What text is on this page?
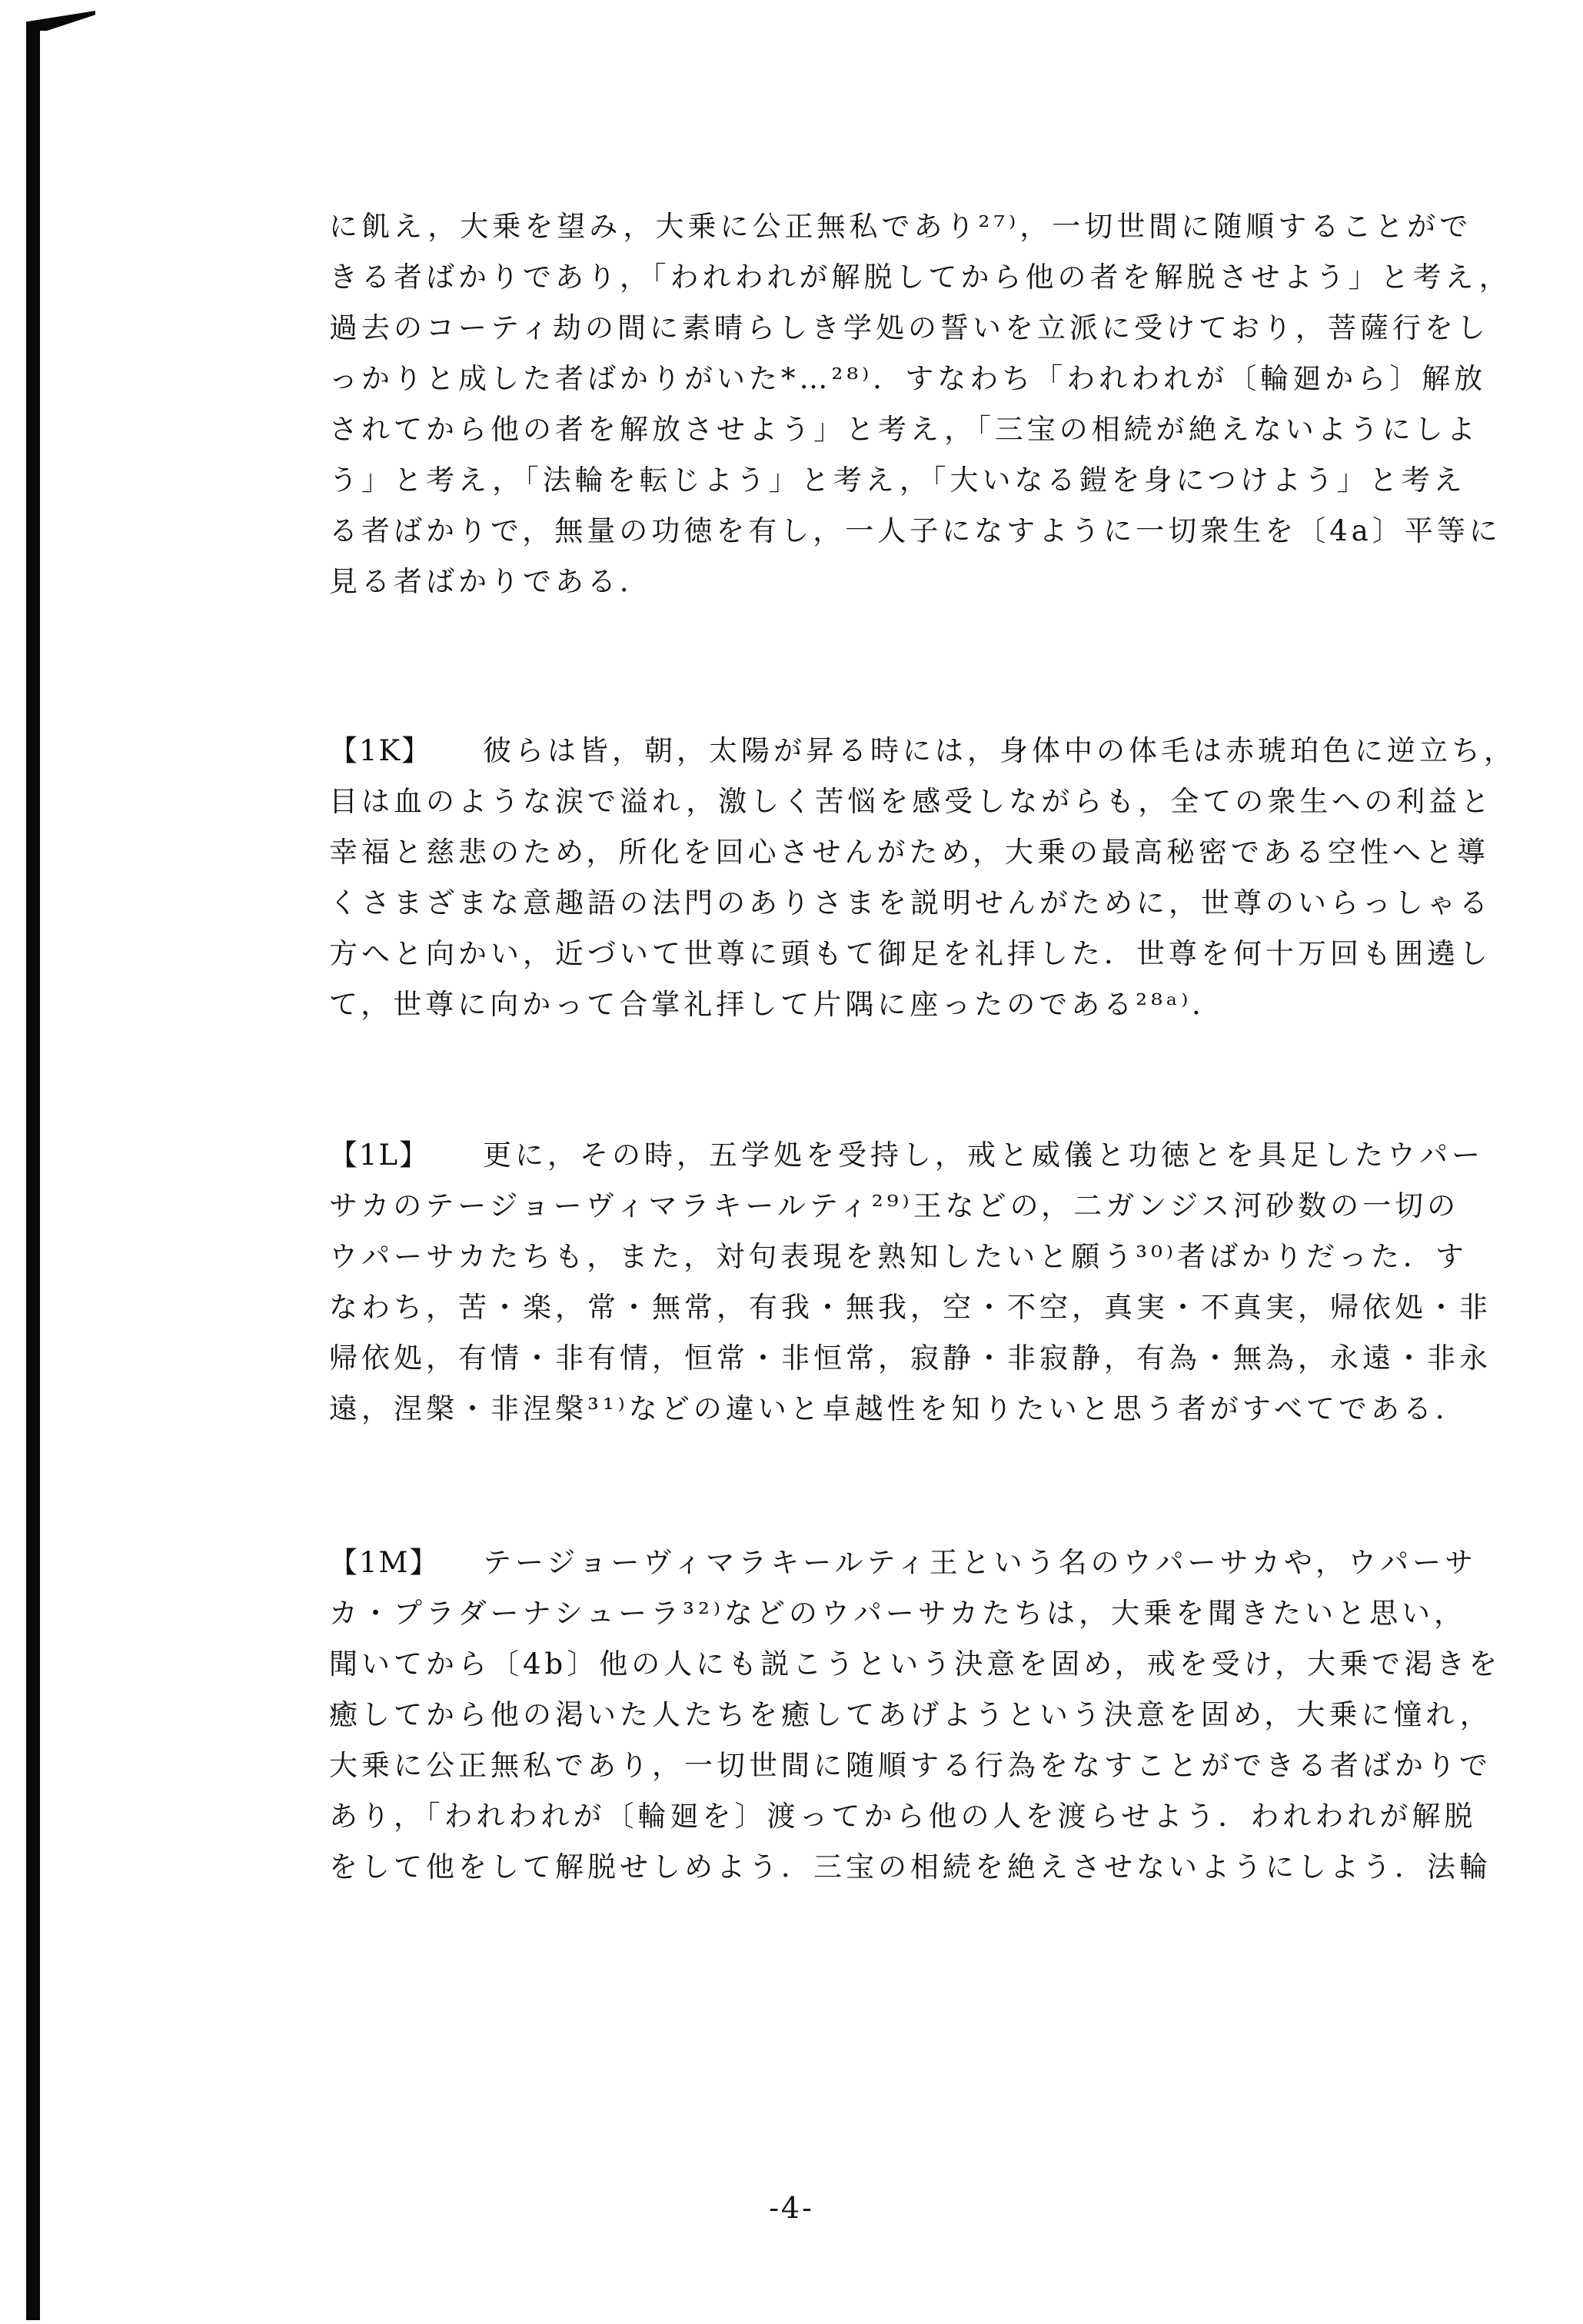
に飢え，大乗を望み，大乗に公正無私であり²⁷⁾，一切世間に随順することがで
きる者ばかりであり，「われわれが解脱してから他の者を解脱させよう」と考え，
過去のコーティ劫の間に素晴らしき学処の誓いを立派に受けており，菩薩行をし
っかりと成した者ばかりがいた*…²⁸⁾．すなわち「われわれが〔輪廻から〕解放
されてから他の者を解放させよう」と考え，「三宝の相続が絶えないようにしよ
う」と考え，「法輪を転じよう」と考え，「大いなる鎧を身につけよう」と考え
る者ばかりで，無量の功徳を有し，一人子になすように一切衆生を〔4a〕平等に
見る者ばかりである．
【1K】 彼らは皆，朝，太陽が昇る時には，身体中の体毛は赤琥珀色に逆立ち，
目は血のような涙で溢れ，激しく苦悩を感受しながらも，全ての衆生への利益と
幸福と慈悲のため，所化を回心させんがため，大乗の最高秘密である空性へと導
くさまざまな意趣語の法門のありさまを説明せんがために，世尊のいらっしゃる
方へと向かい，近づいて世尊に頭もて御足を礼拝した．世尊を何十万回も囲遶し
て，世尊に向かって合掌礼拝して片隅に座ったのである²⁸ᵃ⁾．
【1L】 更に，その時，五学処を受持し，戒と威儀と功徳とを具足したウパー
サカのテージョーヴィマラキールティ²⁹⁾王などの，二ガンジス河砂数の一切の
ウパーサカたちも，また，対句表現を熟知したいと願う³⁰⁾者ばかりだった．す
なわち，苦・楽，常・無常，有我・無我，空・不空，真実・不真実，帰依処・非
帰依処，有情・非有情，恒常・非恒常，寂静・非寂静，有為・無為，永遠・非永
遠，涅槃・非涅槃³¹⁾などの違いと卓越性を知りたいと思う者がすべてである．
【1M】 テージョーヴィマラキールティ王という名のウパーサカや，ウパーサ
カ・プラダーナシューラ³²⁾などのウパーサカたちは，大乗を聞きたいと思い，
聞いてから〔4b〕他の人にも説こうという決意を固め，戒を受け，大乗で渇きを
癒してから他の渇いた人たちを癒してあげようという決意を固め，大乗に憧れ，
大乗に公正無私であり，一切世間に随順する行為をなすことができる者ばかりで
あり，「われわれが〔輪廻を〕渡ってから他の人を渡らせよう．われわれが解脱
をして他をして解脱せしめよう．三宝の相続を絶えさせないようにしよう．法輪
-4-
